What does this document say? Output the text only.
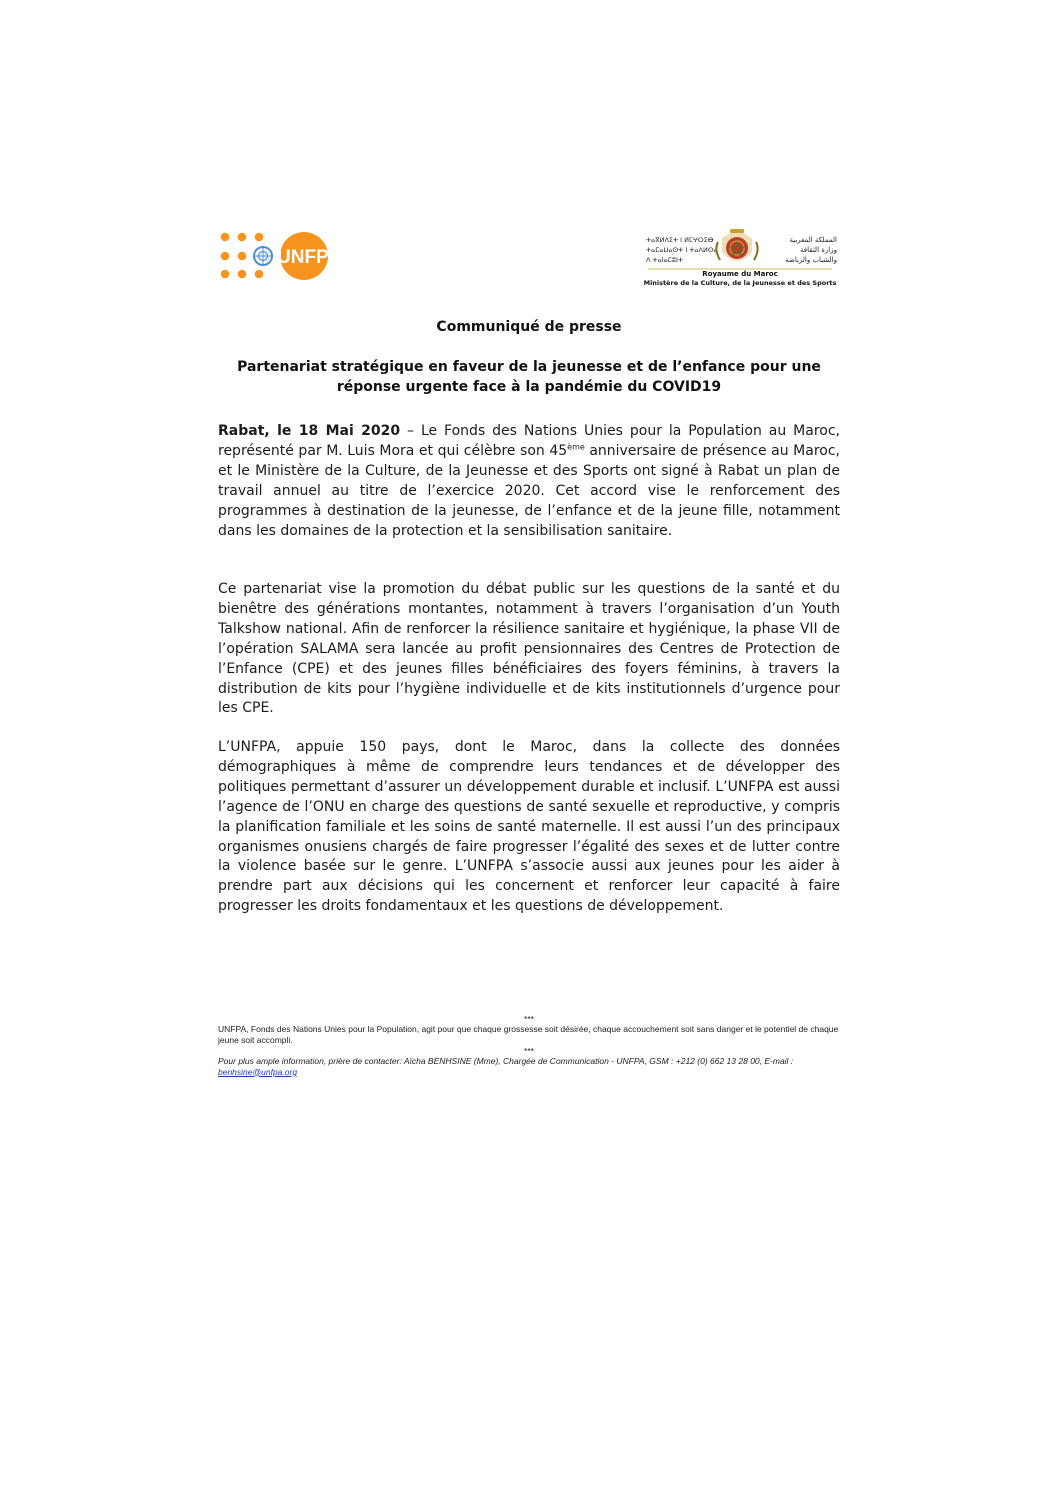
UNFPA
ⵜⴰⴳⵍⴷⵉⵜ ⵏ ⵍⵎⵖⵔⵉⴱ
ⵜⴰⵎⴰⵡⴰⵙⵜ ⵏ ⵜⴰⴷⵍⵙⴰ
ⴷ ⵜⴰⵏⴰⵎⵓⵏⵜ
المملكة المغربية
وزارة الثقافة
والشباب والرياضة
Royaume du Maroc
Ministère de la Culture, de la Jeunesse et des Sports
Communiqué de presse
Partenariat stratégique en faveur de la jeunesse et de l’enfance pour une
réponse urgente face à la pandémie du COVID19

Rabat, le 18 Mai 2020 – Le Fonds des Nations Unies pour la Population au Maroc, représenté par M. Luis Mora et qui célèbre son 45ème anniversaire de présence au Maroc, et le Ministère de la Culture, de la Jeunesse et des Sports ont signé à Rabat un plan de travail annuel au titre de l’exercice 2020. Cet accord vise le renforcement des programmes à destination de la jeunesse, de l’enfance et de la jeune fille, notamment dans les domaines de la protection et la sensibilisation sanitaire.

Ce partenariat vise la promotion du débat public sur les questions de la santé et du bienêtre des générations montantes, notamment à travers l’organisation d’un Youth Talkshow national. Afin de renforcer la résilience sanitaire et hygiénique, la phase VII de l’opération SALAMA sera lancée au profit pensionnaires des Centres de Protection de l’Enfance (CPE) et des jeunes filles bénéficiaires des foyers féminins, à travers la distribution de kits pour l’hygiène individuelle et de kits institutionnels d’urgence pour les CPE.

L’UNFPA, appuie 150 pays, dont le Maroc, dans la collecte des données démographiques à même de comprendre leurs tendances et de développer des politiques permettant d’assurer un développement durable et inclusif. L’UNFPA est aussi l’agence de l’ONU en charge des questions de santé sexuelle et reproductive, y compris la planification familiale et les soins de santé maternelle. Il est aussi l’un des principaux organismes onusiens chargés de faire progresser l’égalité des sexes et de lutter contre la violence basée sur le genre. L’UNFPA s’associe aussi aux jeunes pour les aider à prendre part aux décisions qui les concernent et renforcer leur capacité à faire progresser les droits fondamentaux et les questions de développement.

***

UNFPA, Fonds des Nations Unies pour la Population, agit pour que chaque grossesse soit désirée, chaque accouchement soit sans danger et le potentiel de chaque jeune soit accompli.

***

Pour plus ample information, prière de contacter: Aïcha BENHSINE (Mme), Chargée de Communication - UNFPA, GSM : +212 (0) 662 13 28 00, E-mail : benhsine@unfpa.org
